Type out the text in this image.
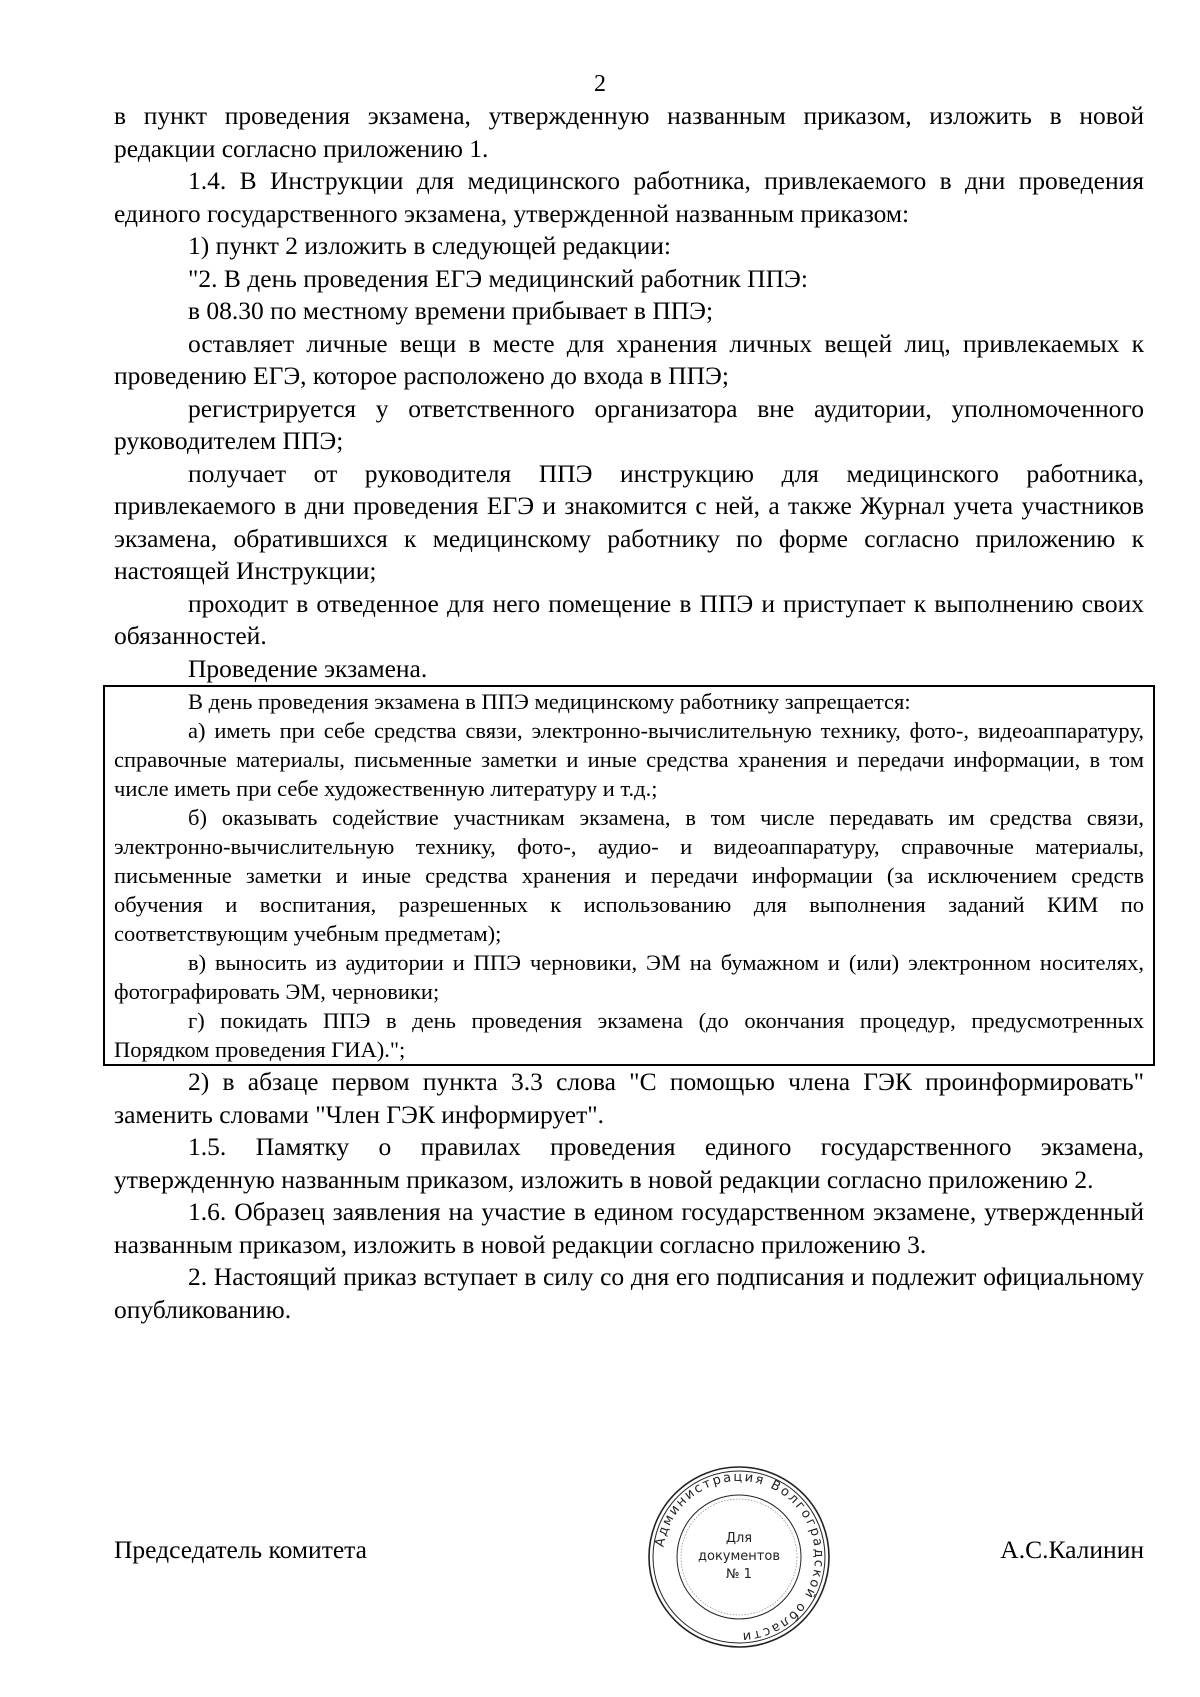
2

в пункт проведения экзамена, утвержденную названным приказом, изложить в новой редакции согласно приложению 1.

1.4. В Инструкции для медицинского работника, привлекаемого в дни проведения единого государственного экзамена, утвержденной названным приказом:

1) пункт 2 изложить в следующей редакции:

"2. В день проведения ЕГЭ медицинский работник ППЭ:

в 08.30 по местному времени прибывает в ППЭ;

оставляет личные вещи в месте для хранения личных вещей лиц, привлекаемых к проведению ЕГЭ, которое расположено до входа в ППЭ;

регистрируется у ответственного организатора вне аудитории, уполномоченного руководителем ППЭ;

получает от руководителя ППЭ инструкцию для медицинского работника, привлекаемого в дни проведения ЕГЭ и знакомится с ней, а также Журнал учета участников экзамена, обратившихся к медицинскому работнику по форме согласно приложению к настоящей Инструкции;

проходит в отведенное для него помещение в ППЭ и приступает к выполнению своих обязанностей.

Проведение экзамена.

В день проведения экзамена в ППЭ медицинскому работнику запрещается:

а) иметь при себе средства связи, электронно-вычислительную технику, фото-, видеоаппаратуру, справочные материалы, письменные заметки и иные средства хранения и передачи информации, в том числе иметь при себе художественную литературу и т.д.;

б) оказывать содействие участникам экзамена, в том числе передавать им средства связи, электронно-вычислительную технику, фото-, аудио- и видеоаппаратуру, справочные материалы, письменные заметки и иные средства хранения и передачи информации (за исключением средств обучения и воспитания, разрешенных к использованию для выполнения заданий КИМ по соответствующим учебным предметам);

в) выносить из аудитории и ППЭ черновики, ЭМ на бумажном и (или) электронном носителях, фотографировать ЭМ, черновики;

г) покидать ППЭ в день проведения экзамена (до окончания процедур, предусмотренных Порядком проведения ГИА).";

2) в абзаце первом пункта 3.3 слова "С помощью члена ГЭК проинформировать" заменить словами "Член ГЭК информирует".

1.5. Памятку о правилах проведения единого государственного экзамена, утвержденную названным приказом, изложить в новой редакции согласно приложению 2.

1.6. Образец заявления на участие в едином государственном экзамене, утвержденный названным приказом, изложить в новой редакции согласно приложению 3.

2. Настоящий приказ вступает в силу со дня его подписания и подлежит официальному опубликованию.

Председатель комитета	А.С.Калинин
Администрация Волгоградской области
Для
документов
№ 1
